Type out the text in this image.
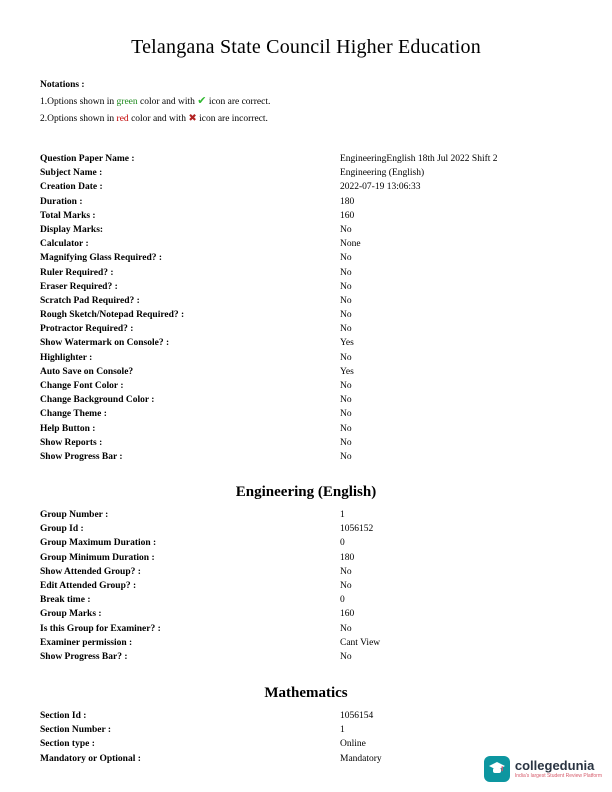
Telangana State Council Higher Education
Notations :
1.Options shown in green color and with ✔ icon are correct.
2.Options shown in red color and with ✖ icon are incorrect.
Question Paper Name :	EngineeringEnglish 18th Jul 2022 Shift 2
Subject Name :	Engineering (English)
Creation Date :	2022-07-19 13:06:33
Duration :	180
Total Marks :	160
Display Marks:	No
Calculator :	None
Magnifying Glass Required? :	No
Ruler Required? :	No
Eraser Required? :	No
Scratch Pad Required? :	No
Rough Sketch/Notepad Required? :	No
Protractor Required? :	No
Show Watermark on Console? :	Yes
Highlighter :	No
Auto Save on Console?	Yes
Change Font Color :	No
Change Background Color :	No
Change Theme :	No
Help Button :	No
Show Reports :	No
Show Progress Bar :	No
Engineering (English)
Group Number :	1
Group Id :	1056152
Group Maximum Duration :	0
Group Minimum Duration :	180
Show Attended Group? :	No
Edit Attended Group? :	No
Break time :	0
Group Marks :	160
Is this Group for Examiner? :	No
Examiner permission :	Cant View
Show Progress Bar? :	No
Mathematics
Section Id :	1056154
Section Number :	1
Section type :	Online
Mandatory or Optional :	Mandatory	collegedunia
India's largest Student Review Platform
